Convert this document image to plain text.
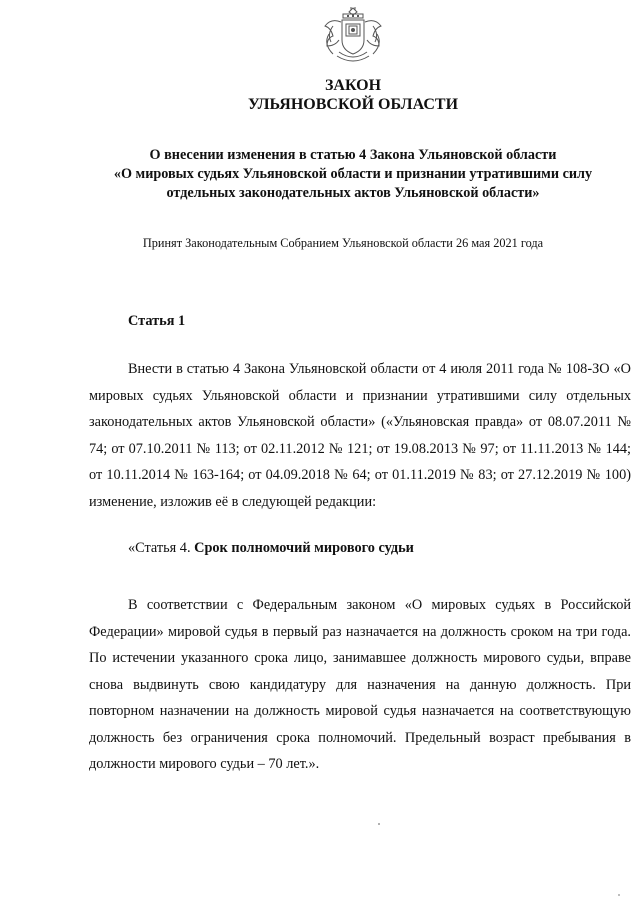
ЗАКОН
УЛЬЯНОВСКОЙ ОБЛАСТИ

О внесении изменения в статью 4 Закона Ульяновской области
«О мировых судьях Ульяновской области и признании утратившими силу
отдельных законодательных актов Ульяновской области»

Принят Законодательным Собранием Ульяновской области 26 мая 2021 года
Статья 1

Внести в статью 4 Закона Ульяновской области от 4 июля 2011 года № 108-ЗО «О мировых судьях Ульяновской области и признании утратившими силу отдельных законодательных актов Ульяновской области» («Ульяновская правда» от 08.07.2011 № 74; от 07.10.2011 № 113; от 02.11.2012 № 121; от 19.08.2013 № 97; от 11.11.2013 № 144; от 10.11.2014 № 163-164; от 04.09.2018 № 64; от 01.11.2019 № 83; от 27.12.2019 № 100) изменение, изложив её в следующей редакции:

«Статья 4. Срок полномочий мирового судьи

В соответствии с Федеральным законом «О мировых судьях в Российской Федерации» мировой судья в первый раз назначается на должность сроком на три года. По истечении указанного срока лицо, занимавшее должность мирового судьи, вправе снова выдвинуть свою кандидатуру для назначения на данную должность. При повторном назначении на должность мировой судья назначается на соответствующую должность без ограничения срока полномочий. Предельный возраст пребывания в должности мирового судьи – 70 лет.».
